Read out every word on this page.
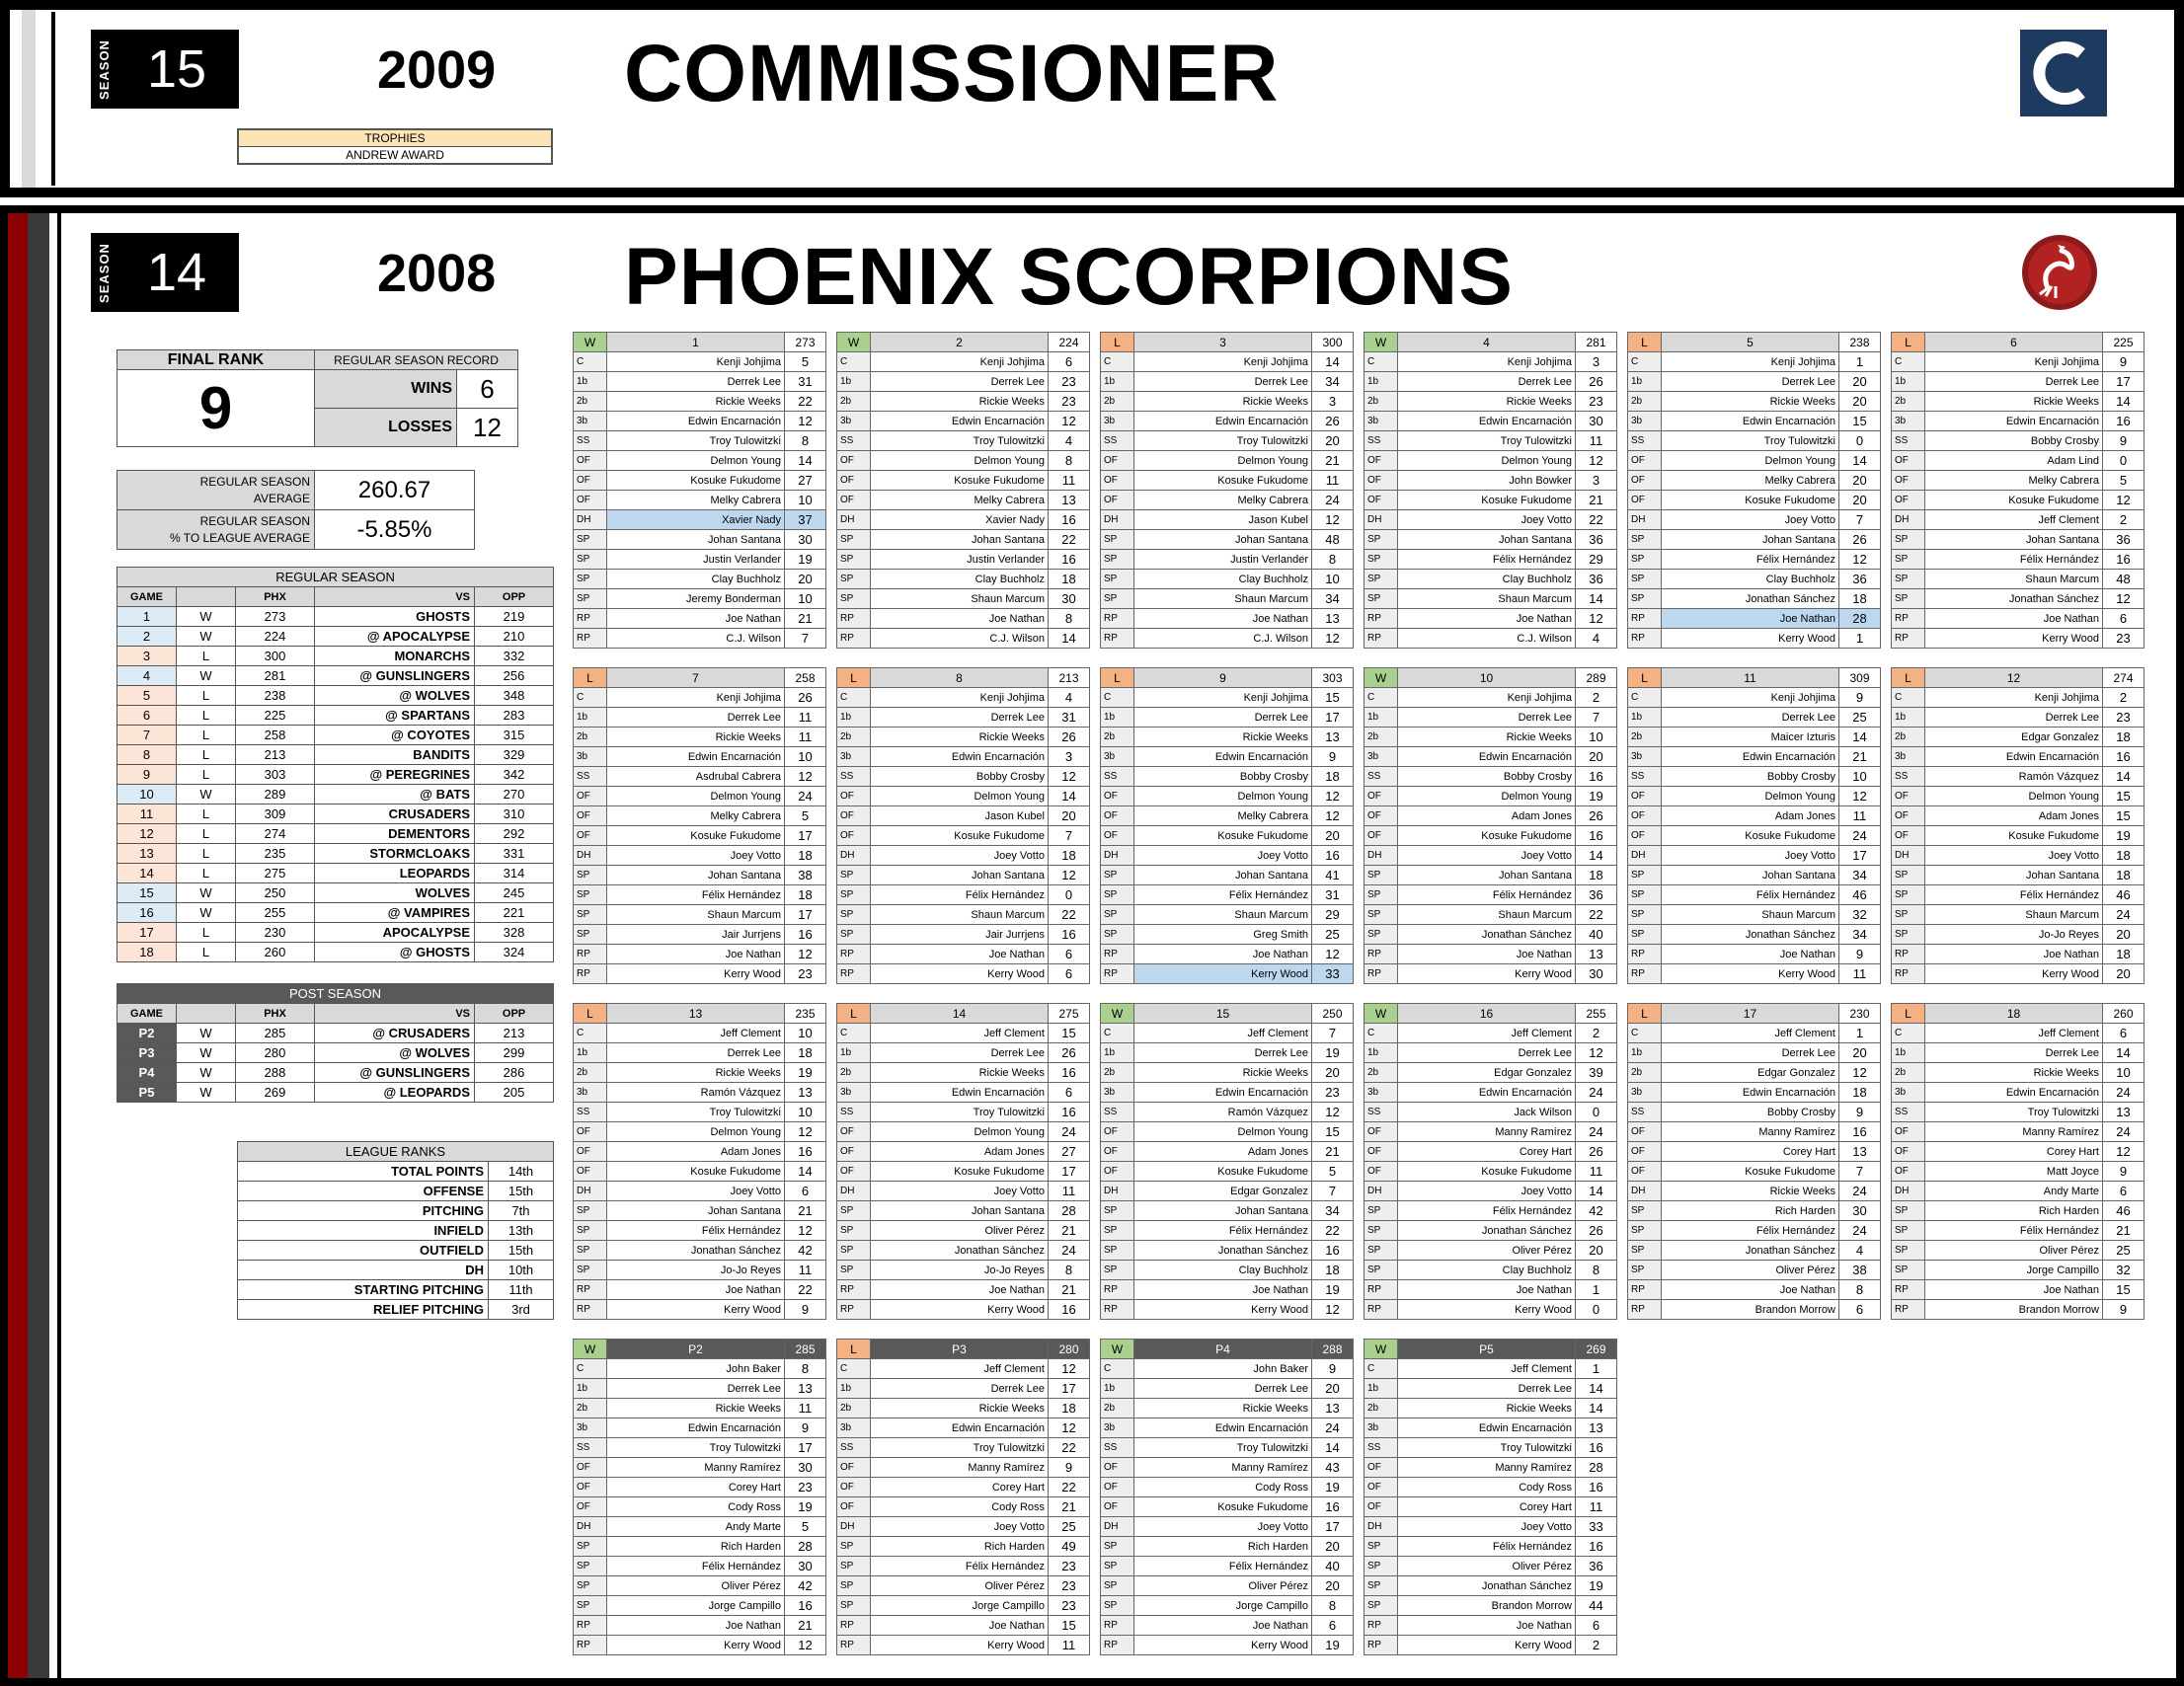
SEASON 15	2009 COMMISSIONER
TROPHIES
ANDREW AWARD
SEASON 14	2008 PHOENIX SCORPIONS
FINAL RANK	REGULAR SEASON RECORD	
9	WINS	6
	LOSSES	12
REGULAR SEASON
AVERAGE	260.67

REGULAR SEASON
% TO LEAGUE AVERAGE	-5.85%
REGULAR SEASON				
GAME		PHX	VS	OPP
1	W	273	GHOSTS	219
2	W	224	@ APOCALYPSE	210
3	L	300	MONARCHS	332
4	W	281	@ GUNSLINGERS	256
5	L	238	@ WOLVES	348
6	L	225	@ SPARTANS	283
7	L	258	@ COYOTES	315
8	L	213	BANDITS	329
9	L	303	@ PEREGRINES	342
10	W	289	@ BATS	270
11	L	309	CRUSADERS	310
12	L	274	DEMENTORS	292
13	L	235	STORMCLOAKS	331
14	L	275	LEOPARDS	314
15	W	250	WOLVES	245
16	W	255	@ VAMPIRES	221
17	L	230	APOCALYPSE	328
18	L	260	@ GHOSTS	324
POST SEASON				
GAME		PHX	VS	OPP
P2	W	285	@ CRUSADERS	213
P3	W	280	@ WOLVES	299
P4	W	288	@ GUNSLINGERS	286
P5	W	269	@ LEOPARDS	205
LEAGUE RANKS	
TOTAL POINTS	14th
OFFENSE	15th
PITCHING	7th
INFIELD	13th
OUTFIELD	15th
DH	10th
STARTING PITCHING	11th
RELIEF PITCHING	3rd
W	1	273
C	Kenji Johjima	5
1b	Derrek Lee	31
2b	Rickie Weeks	22
3b	Edwin Encarnación	12
SS	Troy Tulowitzki	8
OF	Delmon Young	14
OF	Kosuke Fukudome	27
OF	Melky Cabrera	10
DH	Xavier Nady	37
SP	Johan Santana	30
SP	Justin Verlander	19
SP	Clay Buchholz	20
SP	Jeremy Bonderman	10
RP	Joe Nathan	21
RP	C.J. Wilson	7
W	2	224
C	Kenji Johjima	6
1b	Derrek Lee	23
2b	Rickie Weeks	23
3b	Edwin Encarnación	12
SS	Troy Tulowitzki	4
OF	Delmon Young	8
OF	Kosuke Fukudome	11
OF	Melky Cabrera	13
DH	Xavier Nady	16
SP	Johan Santana	22
SP	Justin Verlander	16
SP	Clay Buchholz	18
SP	Shaun Marcum	30
RP	Joe Nathan	8
RP	C.J. Wilson	14
L	3	300
C	Kenji Johjima	14
1b	Derrek Lee	34
2b	Rickie Weeks	3
3b	Edwin Encarnación	26
SS	Troy Tulowitzki	20
OF	Delmon Young	21
OF	Kosuke Fukudome	11
OF	Melky Cabrera	24
DH	Jason Kubel	12
SP	Johan Santana	48
SP	Justin Verlander	8
SP	Clay Buchholz	10
SP	Shaun Marcum	34
RP	Joe Nathan	13
RP	C.J. Wilson	12
W	4	281
C	Kenji Johjima	3
1b	Derrek Lee	26
2b	Rickie Weeks	23
3b	Edwin Encarnación	30
SS	Troy Tulowitzki	11
OF	Delmon Young	12
OF	John Bowker	3
OF	Kosuke Fukudome	21
DH	Joey Votto	22
SP	Johan Santana	36
SP	Félix Hernández	29
SP	Clay Buchholz	36
SP	Shaun Marcum	14
RP	Joe Nathan	12
RP	C.J. Wilson	4
L	5	238
C	Kenji Johjima	1
1b	Derrek Lee	20
2b	Rickie Weeks	20
3b	Edwin Encarnación	15
SS	Troy Tulowitzki	0
OF	Delmon Young	14
OF	Melky Cabrera	20
OF	Kosuke Fukudome	20
DH	Joey Votto	7
SP	Johan Santana	26
SP	Félix Hernández	12
SP	Clay Buchholz	36
SP	Jonathan Sánchez	18
RP	Joe Nathan	28
RP	Kerry Wood	1
L	6	225
C	Kenji Johjima	9
1b	Derrek Lee	17
2b	Rickie Weeks	14
3b	Edwin Encarnación	16
SS	Bobby Crosby	9
OF	Adam Lind	0
OF	Melky Cabrera	5
OF	Kosuke Fukudome	12
DH	Jeff Clement	2
SP	Johan Santana	36
SP	Félix Hernández	16
SP	Shaun Marcum	48
SP	Jonathan Sánchez	12
RP	Joe Nathan	6
RP	Kerry Wood	23
L	7	258
C	Kenji Johjima	26
1b	Derrek Lee	11
2b	Rickie Weeks	11
3b	Edwin Encarnación	10
SS	Asdrubal Cabrera	12
OF	Delmon Young	24
OF	Melky Cabrera	5
OF	Kosuke Fukudome	17
DH	Joey Votto	18
SP	Johan Santana	38
SP	Félix Hernández	18
SP	Shaun Marcum	17
SP	Jair Jurrjens	16
RP	Joe Nathan	12
RP	Kerry Wood	23
L	8	213
C	Kenji Johjima	4
1b	Derrek Lee	31
2b	Rickie Weeks	26
3b	Edwin Encarnación	3
SS	Bobby Crosby	12
OF	Delmon Young	14
OF	Jason Kubel	20
OF	Kosuke Fukudome	7
DH	Joey Votto	18
SP	Johan Santana	12
SP	Félix Hernández	0
SP	Shaun Marcum	22
SP	Jair Jurrjens	16
RP	Joe Nathan	6
RP	Kerry Wood	6
L	9	303
C	Kenji Johjima	15
1b	Derrek Lee	17
2b	Rickie Weeks	13
3b	Edwin Encarnación	9
SS	Bobby Crosby	18
OF	Delmon Young	12
OF	Melky Cabrera	12
OF	Kosuke Fukudome	20
DH	Joey Votto	16
SP	Johan Santana	41
SP	Félix Hernández	31
SP	Shaun Marcum	29
SP	Greg Smith	25
RP	Joe Nathan	12
RP	Kerry Wood	33
W	10	289
C	Kenji Johjima	2
1b	Derrek Lee	7
2b	Rickie Weeks	10
3b	Edwin Encarnación	20
SS	Bobby Crosby	16
OF	Delmon Young	19
OF	Adam Jones	26
OF	Kosuke Fukudome	16
DH	Joey Votto	14
SP	Johan Santana	18
SP	Félix Hernández	36
SP	Shaun Marcum	22
SP	Jonathan Sánchez	40
RP	Joe Nathan	13
RP	Kerry Wood	30
L	11	309
C	Kenji Johjima	9
1b	Derrek Lee	25
2b	Maicer Izturis	14
3b	Edwin Encarnación	21
SS	Bobby Crosby	10
OF	Delmon Young	12
OF	Adam Jones	11
OF	Kosuke Fukudome	24
DH	Joey Votto	17
SP	Johan Santana	34
SP	Félix Hernández	46
SP	Shaun Marcum	32
SP	Jonathan Sánchez	34
RP	Joe Nathan	9
RP	Kerry Wood	11
L	12	274
C	Kenji Johjima	2
1b	Derrek Lee	23
2b	Edgar Gonzalez	18
3b	Edwin Encarnación	16
SS	Ramón Vázquez	14
OF	Delmon Young	15
OF	Adam Jones	15
OF	Kosuke Fukudome	19
DH	Joey Votto	18
SP	Johan Santana	18
SP	Félix Hernández	46
SP	Shaun Marcum	24
SP	Jo-Jo Reyes	20
RP	Joe Nathan	18
RP	Kerry Wood	20
L	13	235
C	Jeff Clement	10
1b	Derrek Lee	18
2b	Rickie Weeks	19
3b	Ramón Vázquez	13
SS	Troy Tulowitzki	10
OF	Delmon Young	12
OF	Adam Jones	16
OF	Kosuke Fukudome	14
DH	Joey Votto	6
SP	Johan Santana	21
SP	Félix Hernández	12
SP	Jonathan Sánchez	42
SP	Jo-Jo Reyes	11
RP	Joe Nathan	22
RP	Kerry Wood	9
L	14	275
C	Jeff Clement	15
1b	Derrek Lee	26
2b	Rickie Weeks	16
3b	Edwin Encarnación	6
SS	Troy Tulowitzki	16
OF	Delmon Young	24
OF	Adam Jones	27
OF	Kosuke Fukudome	17
DH	Joey Votto	11
SP	Johan Santana	28
SP	Oliver Pérez	21
SP	Jonathan Sánchez	24
SP	Jo-Jo Reyes	8
RP	Joe Nathan	21
RP	Kerry Wood	16
W	15	250
C	Jeff Clement	7
1b	Derrek Lee	19
2b	Rickie Weeks	20
3b	Edwin Encarnación	23
SS	Ramón Vázquez	12
OF	Delmon Young	15
OF	Adam Jones	21
OF	Kosuke Fukudome	5
DH	Edgar Gonzalez	7
SP	Johan Santana	34
SP	Félix Hernández	22
SP	Jonathan Sánchez	16
SP	Clay Buchholz	18
RP	Joe Nathan	19
RP	Kerry Wood	12
W	16	255
C	Jeff Clement	2
1b	Derrek Lee	12
2b	Edgar Gonzalez	39
3b	Edwin Encarnación	24
SS	Jack Wilson	0
OF	Manny Ramírez	24
OF	Corey Hart	26
OF	Kosuke Fukudome	11
DH	Joey Votto	14
SP	Félix Hernández	42
SP	Jonathan Sánchez	26
SP	Oliver Pérez	20
SP	Clay Buchholz	8
RP	Joe Nathan	1
RP	Kerry Wood	0
L	17	230
C	Jeff Clement	1
1b	Derrek Lee	20
2b	Edgar Gonzalez	12
3b	Edwin Encarnación	18
SS	Bobby Crosby	9
OF	Manny Ramírez	16
OF	Corey Hart	13
OF	Kosuke Fukudome	7
DH	Rickie Weeks	24
SP	Rich Harden	30
SP	Félix Hernández	24
SP	Jonathan Sánchez	4
SP	Oliver Pérez	38
RP	Joe Nathan	8
RP	Brandon Morrow	6
L	18	260
C	Jeff Clement	6
1b	Derrek Lee	14
2b	Rickie Weeks	10
3b	Edwin Encarnación	24
SS	Troy Tulowitzki	13
OF	Manny Ramírez	24
OF	Corey Hart	12
OF	Matt Joyce	9
DH	Andy Marte	6
SP	Rich Harden	46
SP	Félix Hernández	21
SP	Oliver Pérez	25
SP	Jorge Campillo	32
RP	Joe Nathan	15
RP	Brandon Morrow	9
W	P2	285
C	John Baker	8
1b	Derrek Lee	13
2b	Rickie Weeks	11
3b	Edwin Encarnación	9
SS	Troy Tulowitzki	17
OF	Manny Ramírez	30
OF	Corey Hart	23
OF	Cody Ross	19
DH	Andy Marte	5
SP	Rich Harden	28
SP	Félix Hernández	30
SP	Oliver Pérez	42
SP	Jorge Campillo	16
RP	Joe Nathan	21
RP	Kerry Wood	12
L	P3	280
C	Jeff Clement	12
1b	Derrek Lee	17
2b	Rickie Weeks	18
3b	Edwin Encarnación	12
SS	Troy Tulowitzki	22
OF	Manny Ramírez	9
OF	Corey Hart	22
OF	Cody Ross	21
DH	Joey Votto	25
SP	Rich Harden	49
SP	Félix Hernández	23
SP	Oliver Pérez	23
SP	Jorge Campillo	23
RP	Joe Nathan	15
RP	Kerry Wood	11
W	P4	288
C	John Baker	9
1b	Derrek Lee	20
2b	Rickie Weeks	13
3b	Edwin Encarnación	24
SS	Troy Tulowitzki	14
OF	Manny Ramírez	43
OF	Cody Ross	19
OF	Kosuke Fukudome	16
DH	Joey Votto	17
SP	Rich Harden	20
SP	Félix Hernández	40
SP	Oliver Pérez	20
SP	Jorge Campillo	8
RP	Joe Nathan	6
RP	Kerry Wood	19
W	P5	269
C	Jeff Clement	1
1b	Derrek Lee	14
2b	Rickie Weeks	14
3b	Edwin Encarnación	13
SS	Troy Tulowitzki	16
OF	Manny Ramírez	28
OF	Cody Ross	16
OF	Corey Hart	11
DH	Joey Votto	33
SP	Félix Hernández	16
SP	Oliver Pérez	36
SP	Jonathan Sánchez	19
SP	Brandon Morrow	44
RP	Joe Nathan	6
RP	Kerry Wood	2
